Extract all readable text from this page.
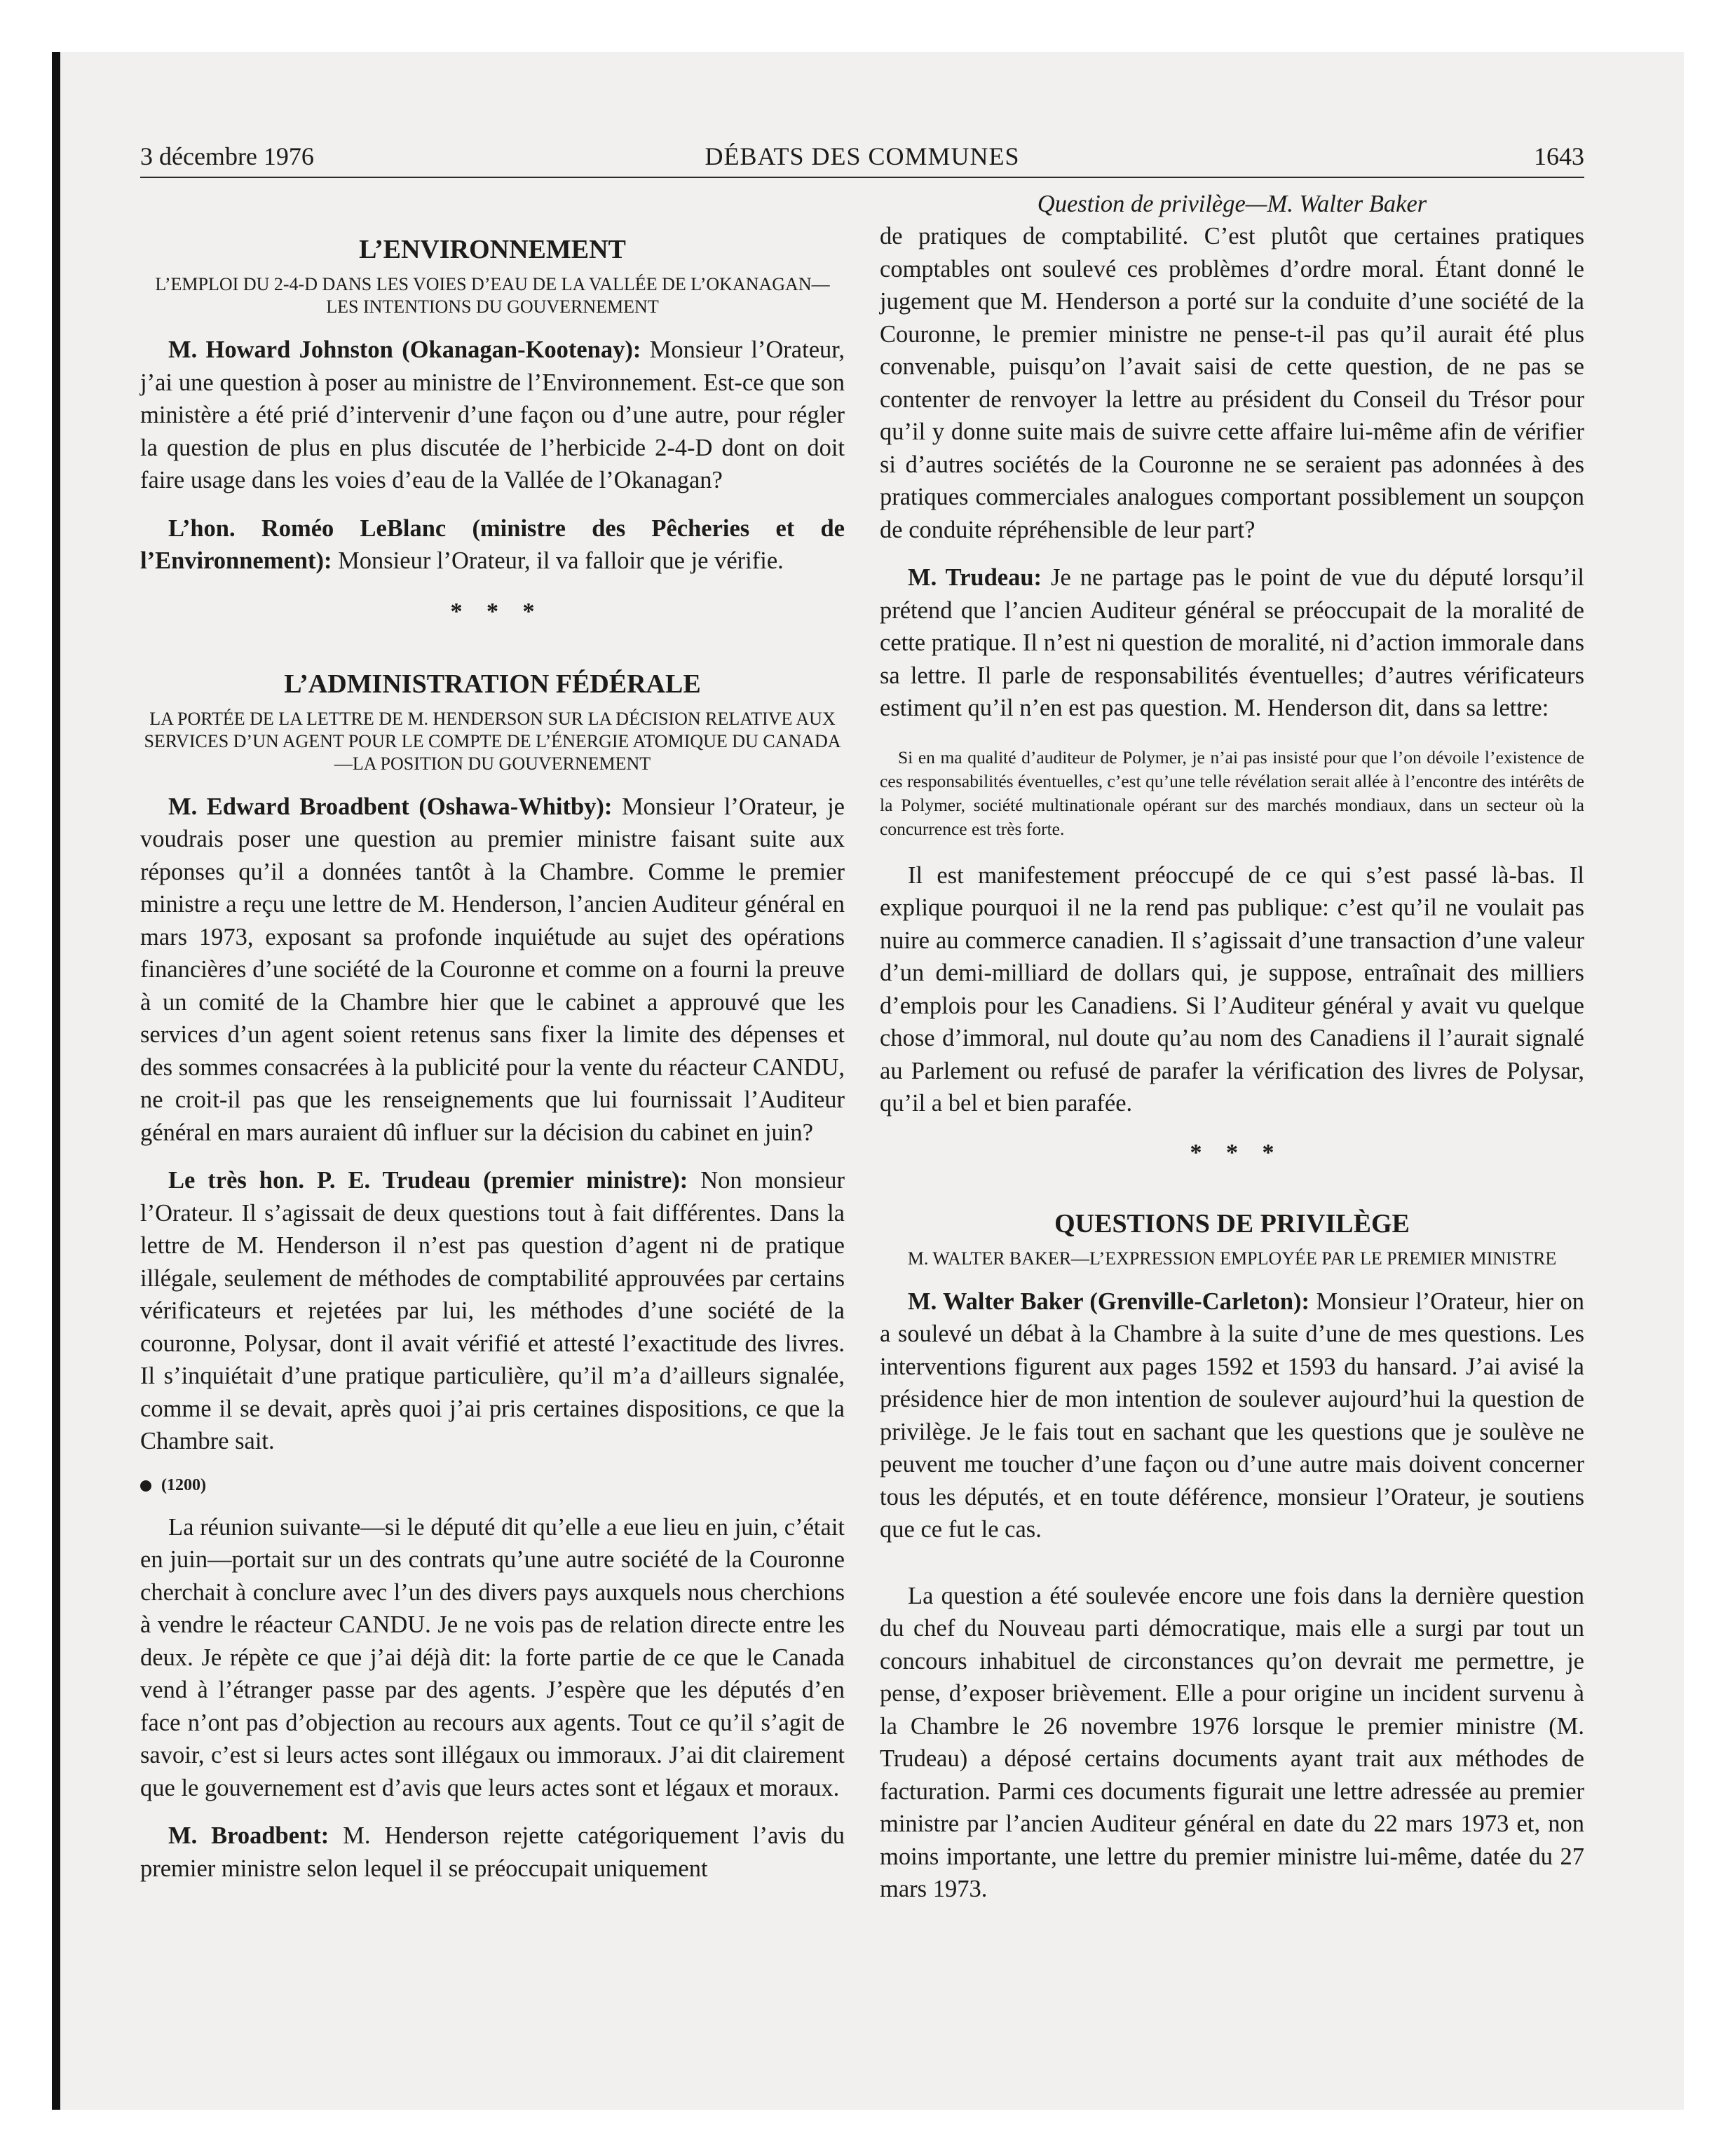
3 décembre 1976	DÉBATS DES COMMUNES	1643

L’ENVIRONNEMENT

L’EMPLOI DU 2-4-D DANS LES VOIES D’EAU DE LA VALLÉE DE L’OKANAGAN—LES INTENTIONS DU GOUVERNEMENT

M. Howard Johnston (Okanagan-Kootenay): Monsieur l’Orateur, j’ai une question à poser au ministre de l’Environnement. Est-ce que son ministère a été prié d’intervenir d’une façon ou d’une autre, pour régler la question de plus en plus discutée de l’herbicide 2-4-D dont on doit faire usage dans les voies d’eau de la Vallée de l’Okanagan?

L’hon. Roméo LeBlanc (ministre des Pêcheries et de l’Environnement): Monsieur l’Orateur, il va falloir que je vérifie.

* * *

L’ADMINISTRATION FÉDÉRALE

LA PORTÉE DE LA LETTRE DE M. HENDERSON SUR LA DÉCISION RELATIVE AUX SERVICES D’UN AGENT POUR LE COMPTE DE L’ÉNERGIE ATOMIQUE DU CANADA—LA POSITION DU GOUVERNEMENT

M. Edward Broadbent (Oshawa-Whitby): Monsieur l’Orateur, je voudrais poser une question au premier ministre faisant suite aux réponses qu’il a données tantôt à la Chambre. Comme le premier ministre a reçu une lettre de M. Henderson, l’ancien Auditeur général en mars 1973, exposant sa profonde inquiétude au sujet des opérations financières d’une société de la Couronne et comme on a fourni la preuve à un comité de la Chambre hier que le cabinet a approuvé que les services d’un agent soient retenus sans fixer la limite des dépenses et des sommes consacrées à la publicité pour la vente du réacteur CANDU, ne croit-il pas que les renseignements que lui fournissait l’Auditeur général en mars auraient dû influer sur la décision du cabinet en juin?

Le très hon. P. E. Trudeau (premier ministre): Non monsieur l’Orateur. Il s’agissait de deux questions tout à fait différentes. Dans la lettre de M. Henderson il n’est pas question d’agent ni de pratique illégale, seulement de méthodes de comptabilité approuvées par certains vérificateurs et rejetées par lui, les méthodes d’une société de la couronne, Polysar, dont il avait vérifié et attesté l’exactitude des livres. Il s’inquiétait d’une pratique particulière, qu’il m’a d’ailleurs signalée, comme il se devait, après quoi j’ai pris certaines dispositions, ce que la Chambre sait.

(1200)

La réunion suivante—si le député dit qu’elle a eue lieu en juin, c’était en juin—portait sur un des contrats qu’une autre société de la Couronne cherchait à conclure avec l’un des divers pays auxquels nous cherchions à vendre le réacteur CANDU. Je ne vois pas de relation directe entre les deux. Je répète ce que j’ai déjà dit: la forte partie de ce que le Canada vend à l’étranger passe par des agents. J’espère que les députés d’en face n’ont pas d’objection au recours aux agents. Tout ce qu’il s’agit de savoir, c’est si leurs actes sont illégaux ou immoraux. J’ai dit clairement que le gouvernement est d’avis que leurs actes sont et légaux et moraux.

M. Broadbent: M. Henderson rejette catégoriquement l’avis du premier ministre selon lequel il se préoccupait uniquement

Question de privilège—M. Walter Baker

de pratiques de comptabilité. C’est plutôt que certaines pratiques comptables ont soulevé ces problèmes d’ordre moral. Étant donné le jugement que M. Henderson a porté sur la conduite d’une société de la Couronne, le premier ministre ne pense-t-il pas qu’il aurait été plus convenable, puisqu’on l’avait saisi de cette question, de ne pas se contenter de renvoyer la lettre au président du Conseil du Trésor pour qu’il y donne suite mais de suivre cette affaire lui-même afin de vérifier si d’autres sociétés de la Couronne ne se seraient pas adonnées à des pratiques commerciales analogues comportant possiblement un soupçon de conduite répréhensible de leur part?

M. Trudeau: Je ne partage pas le point de vue du député lorsqu’il prétend que l’ancien Auditeur général se préoccupait de la moralité de cette pratique. Il n’est ni question de moralité, ni d’action immorale dans sa lettre. Il parle de responsabilités éventuelles; d’autres vérificateurs estiment qu’il n’en est pas question. M. Henderson dit, dans sa lettre:

Si en ma qualité d’auditeur de Polymer, je n’ai pas insisté pour que l’on dévoile l’existence de ces responsabilités éventuelles, c’est qu’une telle révélation serait allée à l’encontre des intérêts de la Polymer, société multinationale opérant sur des marchés mondiaux, dans un secteur où la concurrence est très forte.

Il est manifestement préoccupé de ce qui s’est passé là-bas. Il explique pourquoi il ne la rend pas publique: c’est qu’il ne voulait pas nuire au commerce canadien. Il s’agissait d’une transaction d’une valeur d’un demi-milliard de dollars qui, je suppose, entraînait des milliers d’emplois pour les Canadiens. Si l’Auditeur général y avait vu quelque chose d’immoral, nul doute qu’au nom des Canadiens il l’aurait signalé au Parlement ou refusé de parafer la vérification des livres de Polysar, qu’il a bel et bien parafée.

* * *

QUESTIONS DE PRIVILÈGE

M. WALTER BAKER—L’EXPRESSION EMPLOYÉE PAR LE PREMIER MINISTRE

M. Walter Baker (Grenville-Carleton): Monsieur l’Orateur, hier on a soulevé un débat à la Chambre à la suite d’une de mes questions. Les interventions figurent aux pages 1592 et 1593 du hansard. J’ai avisé la présidence hier de mon intention de soulever aujourd’hui la question de privilège. Je le fais tout en sachant que les questions que je soulève ne peuvent me toucher d’une façon ou d’une autre mais doivent concerner tous les députés, et en toute déférence, monsieur l’Orateur, je soutiens que ce fut le cas.

La question a été soulevée encore une fois dans la dernière question du chef du Nouveau parti démocratique, mais elle a surgi par tout un concours inhabituel de circonstances qu’on devrait me permettre, je pense, d’exposer brièvement. Elle a pour origine un incident survenu à la Chambre le 26 novembre 1976 lorsque le premier ministre (M. Trudeau) a déposé certains documents ayant trait aux méthodes de facturation. Parmi ces documents figurait une lettre adressée au premier ministre par l’ancien Auditeur général en date du 22 mars 1973 et, non moins importante, une lettre du premier ministre lui-même, datée du 27 mars 1973.
